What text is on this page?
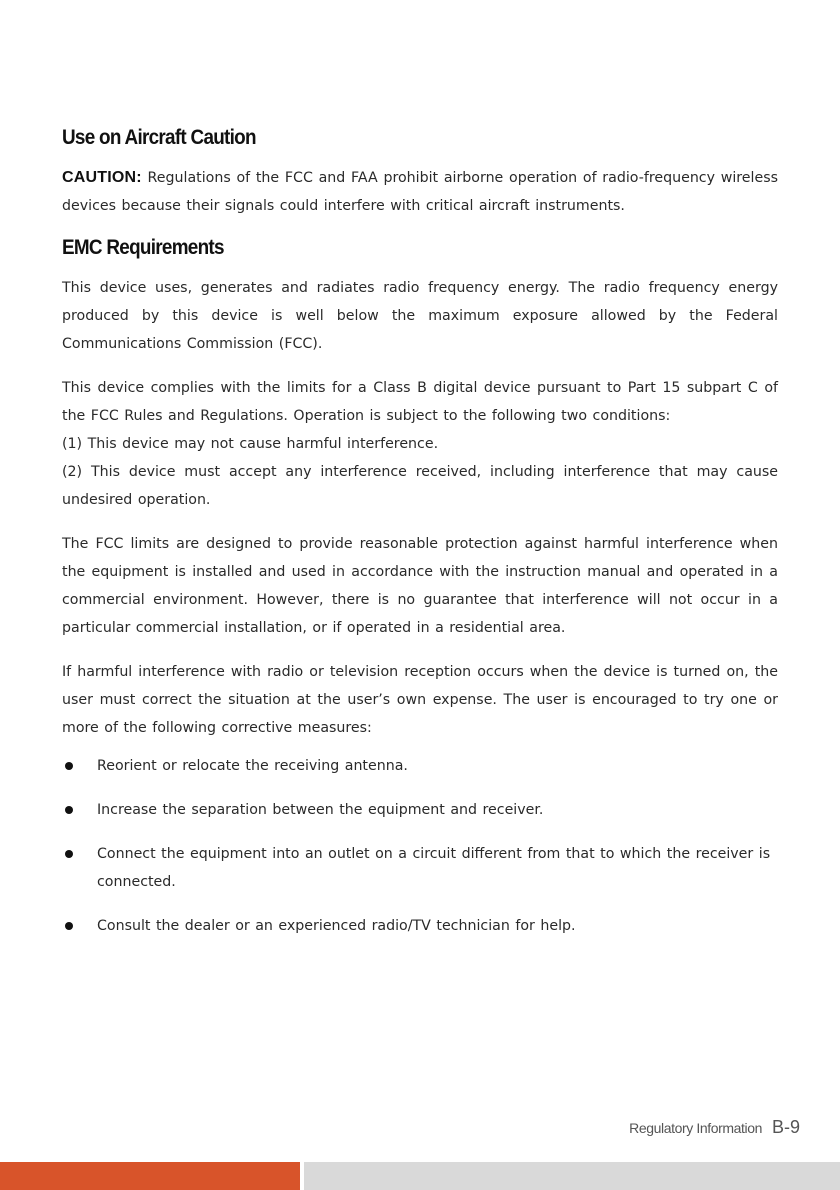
Use on Aircraft Caution

CAUTION: Regulations of the FCC and FAA prohibit airborne operation of radio-frequency wireless devices because their signals could interfere with critical aircraft instruments.

EMC Requirements

This device uses, generates and radiates radio frequency energy. The radio frequency energy produced by this device is well below the maximum exposure allowed by the Federal Communications Commission (FCC).

This device complies with the limits for a Class B digital device pursuant to Part 15 subpart C of the FCC Rules and Regulations. Operation is subject to the following two conditions:

(1) This device may not cause harmful interference.

(2) This device must accept any interference received, including interference that may cause undesired operation.

The FCC limits are designed to provide reasonable protection against harmful interference when the equipment is installed and used in accordance with the instruction manual and operated in a commercial environment. However, there is no guarantee that interference will not occur in a particular commercial installation, or if operated in a residential area.

If harmful interference with radio or television reception occurs when the device is turned on, the user must correct the situation at the user’s own expense. The user is encouraged to try one or more of the following corrective measures:

Reorient or relocate the receiving antenna.
Increase the separation between the equipment and receiver.
Connect the equipment into an outlet on a circuit different from that to which the receiver is connected.
Consult the dealer or an experienced radio/TV technician for help.
Regulatory Information B-9
